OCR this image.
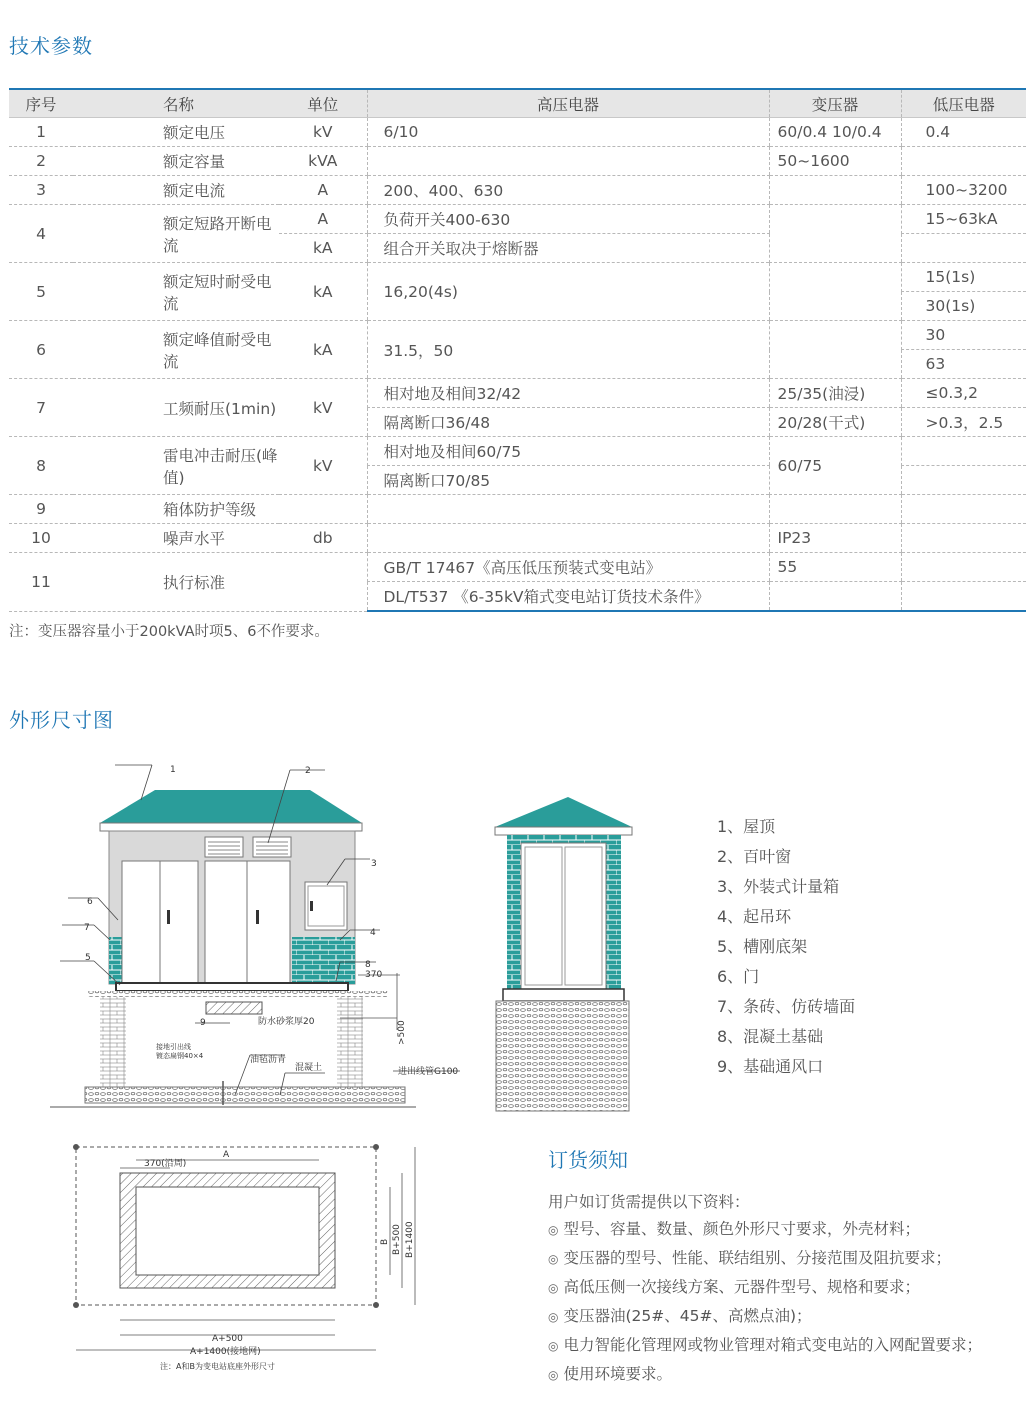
技术参数
序号	名称	单位	高压电器	变压器	低压电器
1	额定电压	kV	6/10	60/0.4 10/0.4	0.4
2	额定容量	kVA		50~1600	
3	额定电流	A	200、400、630		100~3200
4	额定短路开断电流	A	负荷开关400-630		15~63kA
		kA	组合开关取决于熔断器		
5	额定短时耐受电流	kA	16,20(4s)		15(1s)
					30(1s)
6	额定峰值耐受电流	kA	31.5，50		30
					63
7	工频耐压(1min)	kV	相对地及相间32/42	25/35(油浸)	≤0.3,2
			隔离断口36/48	20/28(干式)	>0.3，2.5
8	雷电冲击耐压(峰值)	kV	相对地及相间60/75	60/75	
			隔离断口70/85		
9	箱体防护等级				
10	噪声水平	db		IP23	
11	执行标准		GB/T 17467《高压低压预装式变电站》	55	
			DL/T537 《6-35kV箱式变电站订货技术条件》		
注：变压器容量小于200kVA时项5、6不作要求。
外形尺寸图
1	2
3
4
5
6
7
8
9
370
防水砂浆厚20
接地引出线
镀态扁钢40×4	油毡沥青
混凝土	进出线管G100
>500
370(沿周)
A
A+500
A+1400(接地网)
B B+500 B+1400
注：A和B为变电站底座外形尺寸
1、屋顶
2、百叶窗
3、外装式计量箱
4、起吊环
5、槽刚底架
6、门
7、条砖、仿砖墙面
8、混凝土基础
9、基础通风口
订货须知
用户如订货需提供以下资料：
◎ 型号、容量、数量、颜色外形尺寸要求，外壳材料；
◎ 变压器的型号、性能、联结组别、分接范围及阻抗要求；
◎ 高低压侧一次接线方案、元器件型号、规格和要求；
◎ 变压器油(25#、45#、高燃点油)；
◎ 电力智能化管理网或物业管理对箱式变电站的入网配置要求；
◎ 使用环境要求。
